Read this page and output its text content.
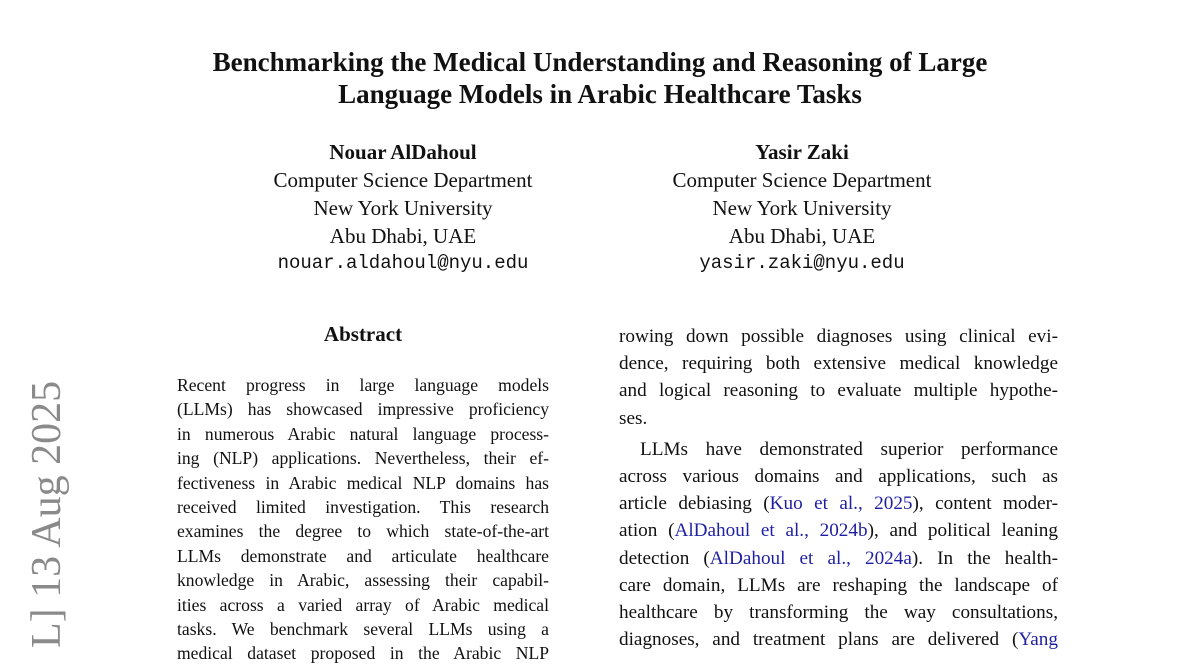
L] 13 Aug 2025
Benchmarking the Medical Understanding and Reasoning of Large
Language Models in Arabic Healthcare Tasks
Nouar AlDahoul
Computer Science Department
New York University
Abu Dhabi, UAE
nouar.aldahoul@nyu.edu
Yasir Zaki
Computer Science Department
New York University
Abu Dhabi, UAE
yasir.zaki@nyu.edu
Abstract
Recent progress in large language models
(LLMs) has showcased impressive proficiency
in numerous Arabic natural language process-
ing (NLP) applications. Nevertheless, their ef-
fectiveness in Arabic medical NLP domains has
received limited investigation. This research
examines the degree to which state-of-the-art
LLMs demonstrate and articulate healthcare
knowledge in Arabic, assessing their capabil-
ities across a varied array of Arabic medical
tasks. We benchmark several LLMs using a
medical dataset proposed in the Arabic NLP
rowing down possible diagnoses using clinical evi-
dence, requiring both extensive medical knowledge
and logical reasoning to evaluate multiple hypothe-
ses.
LLMs have demonstrated superior performance
across various domains and applications, such as
article debiasing (Kuo et al., 2025), content moder-
ation (AlDahoul et al., 2024b), and political leaning
detection (AlDahoul et al., 2024a). In the health-
care domain, LLMs are reshaping the landscape of
healthcare by transforming the way consultations,
diagnoses, and treatment plans are delivered (Yang
